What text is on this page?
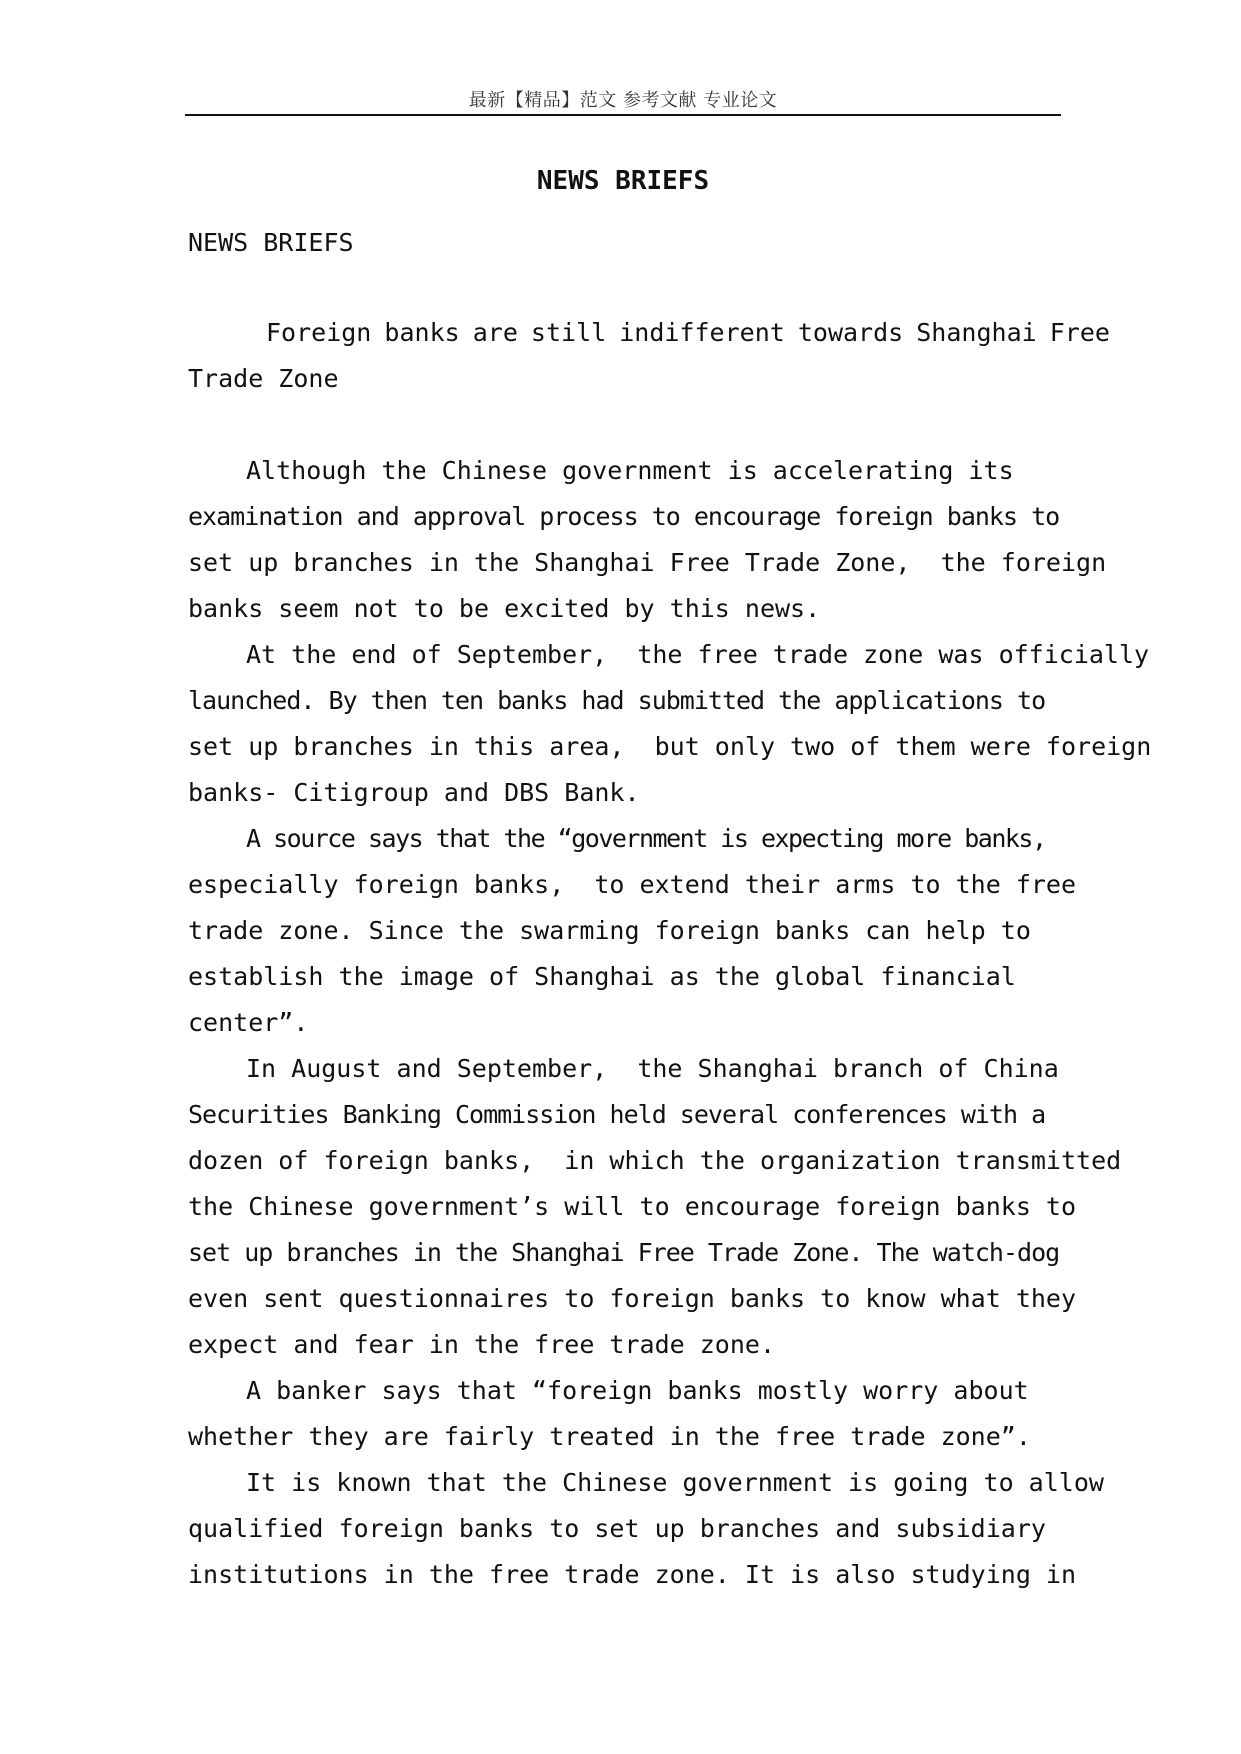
最新【精品】范文 参考文献 专业论文
NEWS BRIEFS
NEWS BRIEFS
Foreign banks are still indifferent towards Shanghai Free
Trade Zone
Although the Chinese government is accelerating its
examination and approval process to encourage foreign banks to
set up branches in the Shanghai Free Trade Zone,  the foreign
banks seem not to be excited by this news.
At the end of September,  the free trade zone was officially
launched. By then ten banks had submitted the applications to
set up branches in this area,  but only two of them were foreign
banks- Citigroup and DBS Bank.
A source says that the “government is expecting more banks,
especially foreign banks,  to extend their arms to the free
trade zone. Since the swarming foreign banks can help to
establish the image of Shanghai as the global financial
center”.
In August and September,  the Shanghai branch of China
Securities Banking Commission held several conferences with a
dozen of foreign banks,  in which the organization transmitted
the Chinese government’s will to encourage foreign banks to
set up branches in the Shanghai Free Trade Zone. The watch-dog
even sent questionnaires to foreign banks to know what they
expect and fear in the free trade zone.
A banker says that “foreign banks mostly worry about
whether they are fairly treated in the free trade zone”.
It is known that the Chinese government is going to allow
qualified foreign banks to set up branches and subsidiary
institutions in the free trade zone. It is also studying in
